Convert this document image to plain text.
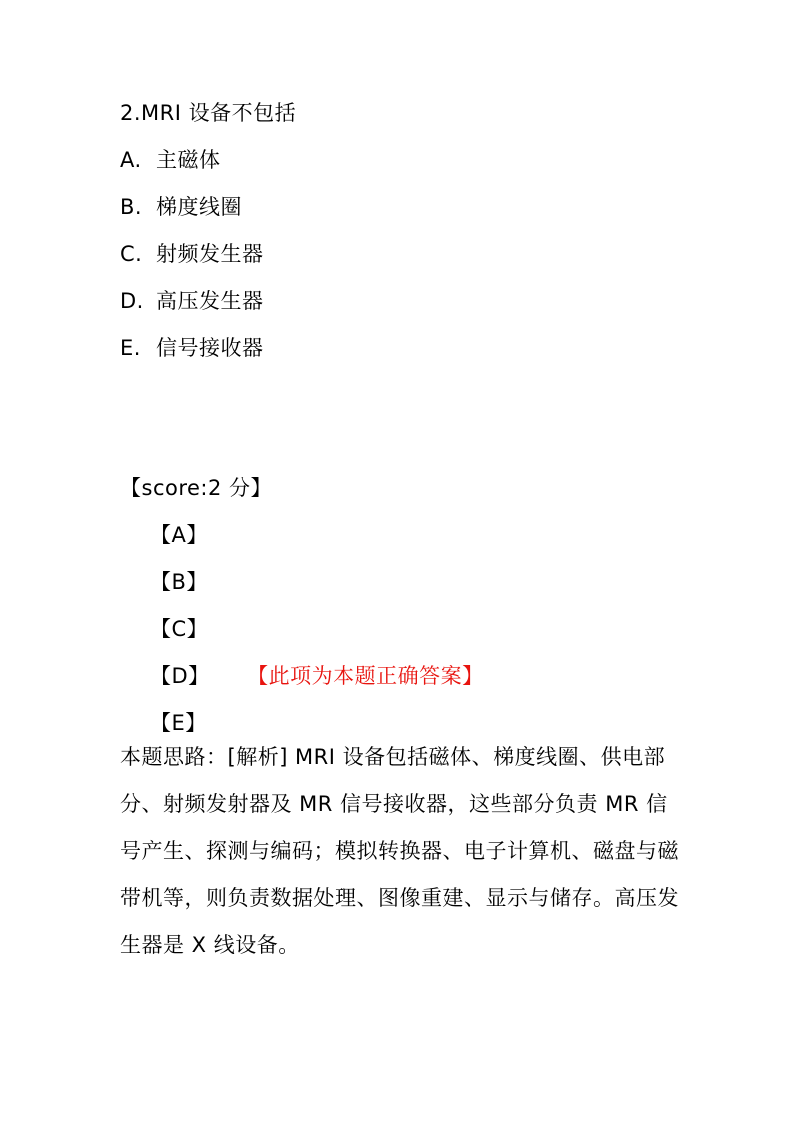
2.MRI 设备不包括
A. 主磁体
B. 梯度线圈
C. 射频发生器
D. 高压发生器
E. 信号接收器
【score:2 分】
【A】
【B】
【C】
【D】 【此项为本题正确答案】
【E】
本题思路：[解析] MRI 设备包括磁体、梯度线圈、供电部分、射频发射器及 MR 信号接收器，这些部分负责 MR 信号产生、探测与编码；模拟转换器、电子计算机、磁盘与磁带机等，则负责数据处理、图像重建、显示与储存。高压发生器是 X 线设备。
